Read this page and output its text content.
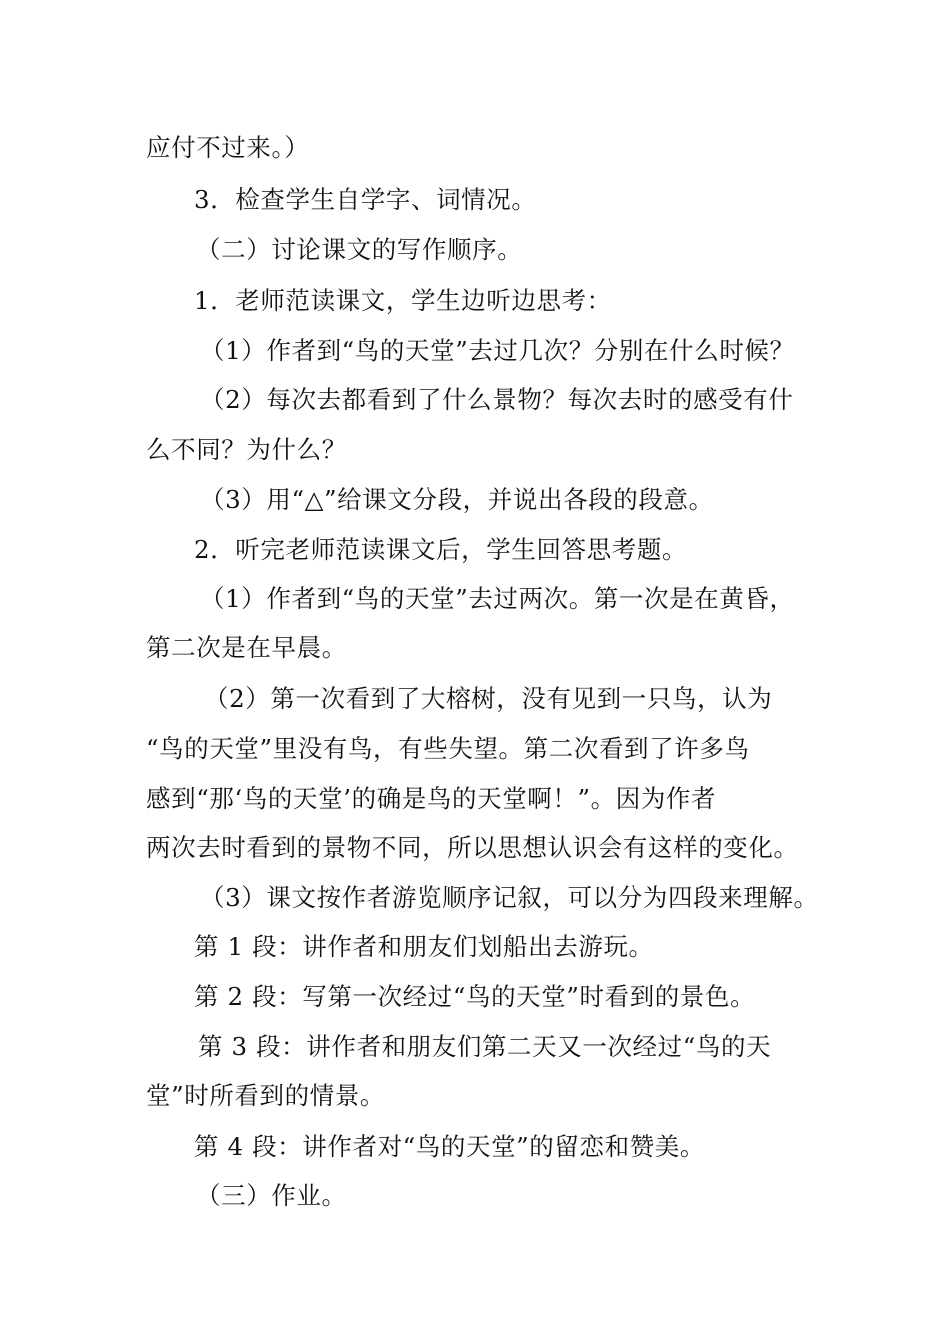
应付不过来。）
3．检查学生自学字、词情况。
（二）讨论课文的写作顺序。
1．老师范读课文，学生边听边思考：
（1）作者到“鸟的天堂”去过几次？分别在什么时候？
（2）每次去都看到了什么景物？每次去时的感受有什
么不同？为什么？
（3）用“△”给课文分段，并说出各段的段意。
2．听完老师范读课文后，学生回答思考题。
（1）作者到“鸟的天堂”去过两次。第一次是在黄昏，
第二次是在早晨。
（2）第一次看到了大榕树，没有见到一只鸟，认为
“鸟的天堂”里没有鸟，有些失望。第二次看到了许多鸟
感到“那‘鸟的天堂’的确是鸟的天堂啊！”。因为作者
两次去时看到的景物不同，所以思想认识会有这样的变化。
（3）课文按作者游览顺序记叙，可以分为四段来理解。
第 1 段：讲作者和朋友们划船出去游玩。
第 2 段：写第一次经过“鸟的天堂”时看到的景色。
第 3 段：讲作者和朋友们第二天又一次经过“鸟的天
堂”时所看到的情景。
第 4 段：讲作者对“鸟的天堂”的留恋和赞美。
（三）作业。
